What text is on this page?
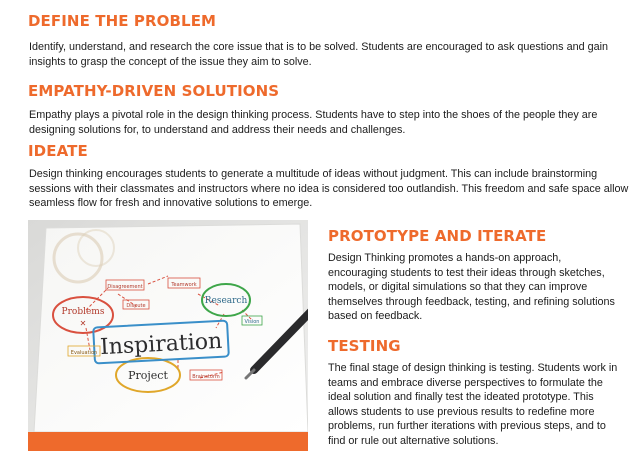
DEFINE THE PROBLEM

Identify, understand, and research the core issue that is to be solved. Students are encouraged to ask questions and gain insights to grasp the concept of the issue they aim to solve.

EMPATHY-DRIVEN SOLUTIONS

Empathy plays a pivotal role in the design thinking process. Students have to step into the shoes of the people they are designing solutions for, to understand and address their needs and challenges.

IDEATE

Design thinking encourages students to generate a multitude of ideas without judgment. This can include brainstorming sessions with their classmates and instructors where no idea is considered too outlandish. This freedom and safe space allow seamless flow for fresh and innovative solutions to emerge.

PROTOTYPE AND ITERATE

Design Thinking promotes a hands-on approach, encouraging students to test their ideas through sketches, models, or digital simulations so that they can improve themselves through feedback, testing, and refining solutions based on feedback.

TESTING

The final stage of design thinking is testing. Students work in teams and embrace diverse perspectives to formulate the ideal solution and finally test the ideated prototype. This allows students to use previous results to redefine more problems, run further iterations with previous steps, and to find or rule out alternative solutions.

Problems
✕
Research
Project
Inspiration
Disagreement
Dispute
Teamwork
Vision
Evaluation
Brainstorm
